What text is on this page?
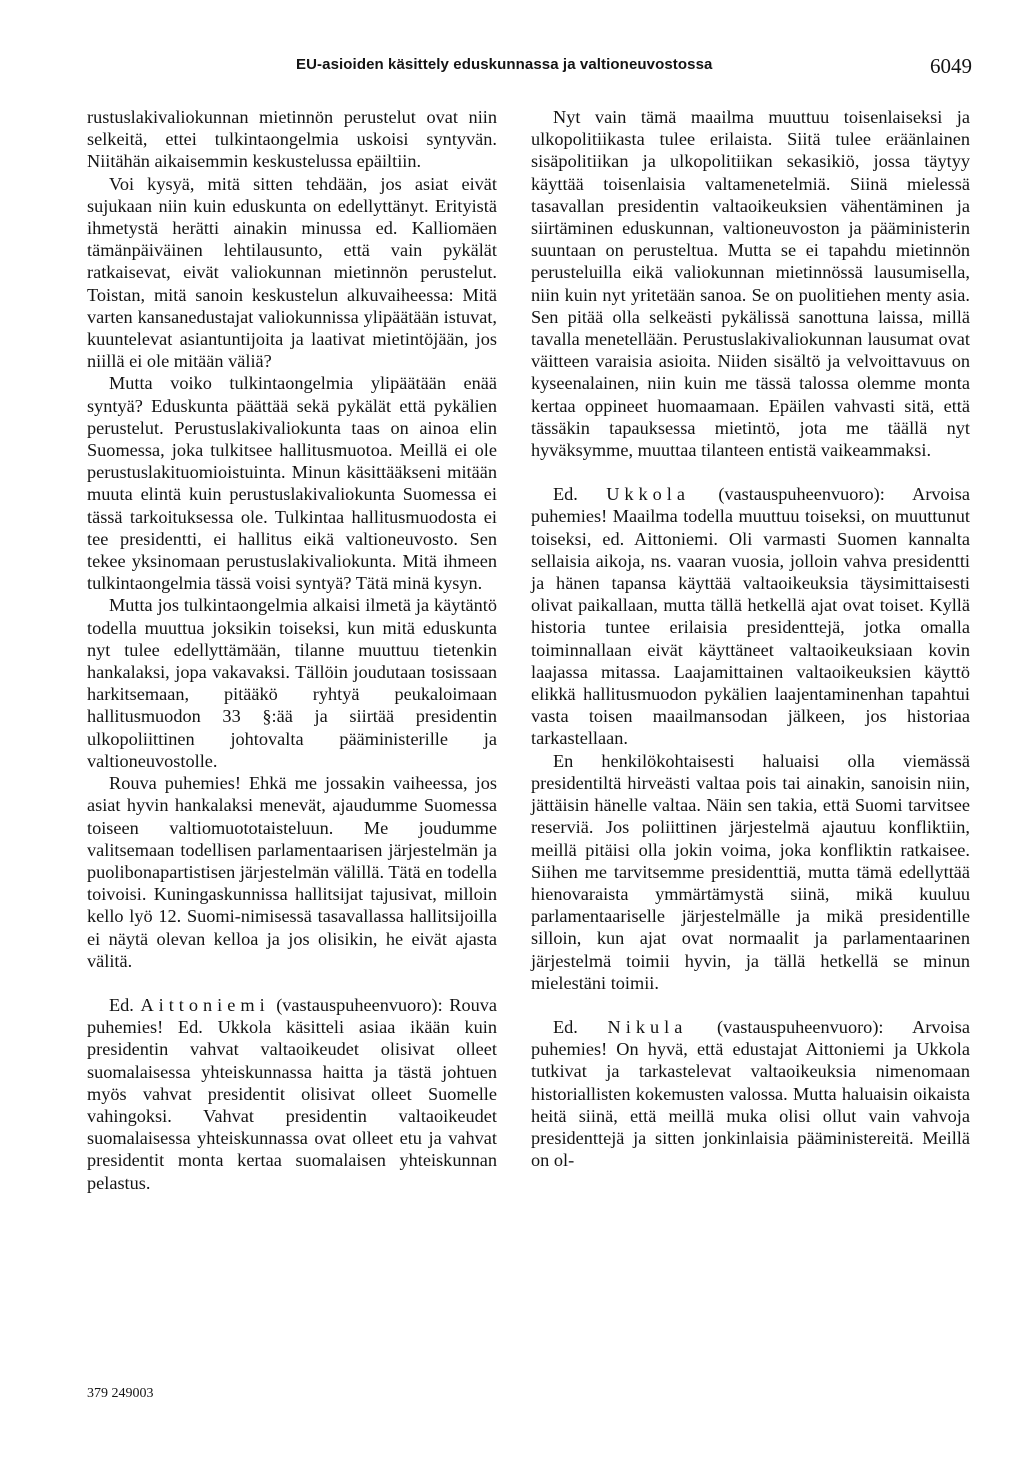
EU-asioiden käsittely eduskunnassa ja valtioneuvostossa	6049

rustuslakivaliokunnan mietinnön perustelut ovat niin selkeitä, ettei tulkintaongelmia uskoisi syntyvän. Niitähän aikaisemmin keskustelussa epäiltiin.

Voi kysyä, mitä sitten tehdään, jos asiat eivät sujukaan niin kuin eduskunta on edellyttänyt. Erityistä ihmetystä herätti ainakin minussa ed. Kalliomäen tämänpäiväinen lehtilausunto, että vain pykälät ratkaisevat, eivät valiokunnan mietinnön perustelut. Toistan, mitä sanoin keskustelun alkuvaiheessa: Mitä varten kansanedustajat valiokunnissa ylipäätään istuvat, kuuntelevat asiantuntijoita ja laativat mietintöjään, jos niillä ei ole mitään väliä?

Mutta voiko tulkintaongelmia ylipäätään enää syntyä? Eduskunta päättää sekä pykälät että pykälien perustelut. Perustuslakivaliokunta taas on ainoa elin Suomessa, joka tulkitsee hallitusmuotoa. Meillä ei ole perustuslakituomioistuinta. Minun käsittääkseni mitään muuta elintä kuin perustuslakivaliokunta Suomessa ei tässä tarkoituksessa ole. Tulkintaa hallitusmuodosta ei tee presidentti, ei hallitus eikä valtioneuvosto. Sen tekee yksinomaan perustuslakivaliokunta. Mitä ihmeen tulkintaongelmia tässä voisi syntyä? Tätä minä kysyn.

Mutta jos tulkintaongelmia alkaisi ilmetä ja käytäntö todella muuttua joksikin toiseksi, kun mitä eduskunta nyt tulee edellyttämään, tilanne muuttuu tietenkin hankalaksi, jopa vakavaksi. Tällöin joudutaan tosissaan harkitsemaan, pitääkö ryhtyä peukaloimaan hallitusmuodon 33 §:ää ja siirtää presidentin ulkopoliittinen johtovalta pääministerille ja valtioneuvostolle.

Rouva puhemies! Ehkä me jossakin vaiheessa, jos asiat hyvin hankalaksi menevät, ajaudumme Suomessa toiseen valtiomuototaisteluun. Me joudumme valitsemaan todellisen parlamentaarisen järjestelmän ja puolibonapartistisen järjestelmän välillä. Tätä en todella toivoisi. Kuningaskunnissa hallitsijat tajusivat, milloin kello lyö 12. Suomi-nimisessä tasavallassa hallitsijoilla ei näytä olevan kelloa ja jos olisikin, he eivät ajasta välitä.

Ed. Aittoniemi (vastauspuheenvuoro): Rouva puhemies! Ed. Ukkola käsitteli asiaa ikään kuin presidentin vahvat valtaoikeudet olisivat olleet suomalaisessa yhteiskunnassa haitta ja tästä johtuen myös vahvat presidentit olisivat olleet Suomelle vahingoksi. Vahvat presidentin valtaoikeudet suomalaisessa yhteiskunnassa ovat olleet etu ja vahvat presidentit monta kertaa suomalaisen yhteiskunnan pelastus.

Nyt vain tämä maailma muuttuu toisenlaiseksi ja ulkopolitiikasta tulee erilaista. Siitä tulee eräänlainen sisäpolitiikan ja ulkopolitiikan sekasikiö, jossa täytyy käyttää toisenlaisia valtamenetelmiä. Siinä mielessä tasavallan presidentin valtaoikeuksien vähentäminen ja siirtäminen eduskunnan, valtioneuvoston ja pääministerin suuntaan on perusteltua. Mutta se ei tapahdu mietinnön perusteluilla eikä valiokunnan mietinnössä lausumisella, niin kuin nyt yritetään sanoa. Se on puolitiehen menty asia. Sen pitää olla selkeästi pykälissä sanottuna laissa, millä tavalla menetellään. Perustuslakivaliokunnan lausumat ovat väitteen varaisia asioita. Niiden sisältö ja velvoittavuus on kyseenalainen, niin kuin me tässä talossa olemme monta kertaa oppineet huomaamaan. Epäilen vahvasti sitä, että tässäkin tapauksessa mietintö, jota me täällä nyt hyväksymme, muuttaa tilanteen entistä vaikeammaksi.

Ed. Ukkola (vastauspuheenvuoro): Arvoisa puhemies! Maailma todella muuttuu toiseksi, on muuttunut toiseksi, ed. Aittoniemi. Oli varmasti Suomen kannalta sellaisia aikoja, ns. vaaran vuosia, jolloin vahva presidentti ja hänen tapansa käyttää valtaoikeuksia täysimittaisesti olivat paikallaan, mutta tällä hetkellä ajat ovat toiset. Kyllä historia tuntee erilaisia presidenttejä, jotka omalla toiminnallaan eivät käyttäneet valtaoikeuksiaan kovin laajassa mitassa. Laajamittainen valtaoikeuksien käyttö elikkä hallitusmuodon pykälien laajentaminenhan tapahtui vasta toisen maailmansodan jälkeen, jos historiaa tarkastellaan.

En henkilökohtaisesti haluaisi olla viemässä presidentiltä hirveästi valtaa pois tai ainakin, sanoisin niin, jättäisin hänelle valtaa. Näin sen takia, että Suomi tarvitsee reserviä. Jos poliittinen järjestelmä ajautuu konfliktiin, meillä pitäisi olla jokin voima, joka konfliktin ratkaisee. Siihen me tarvitsemme presidenttiä, mutta tämä edellyttää hienovaraista ymmärtämystä siinä, mikä kuuluu parlamentaariselle järjestelmälle ja mikä presidentille silloin, kun ajat ovat normaalit ja parlamentaarinen järjestelmä toimii hyvin, ja tällä hetkellä se minun mielestäni toimii.

Ed. Nikula (vastauspuheenvuoro): Arvoisa puhemies! On hyvä, että edustajat Aittoniemi ja Ukkola tutkivat ja tarkastelevat valtaoikeuksia nimenomaan historiallisten kokemusten valossa. Mutta haluaisin oikaista heitä siinä, että meillä muka olisi ollut vain vahvoja presidenttejä ja sitten jonkinlaisia pääministereitä. Meillä on ol-

379 249003
